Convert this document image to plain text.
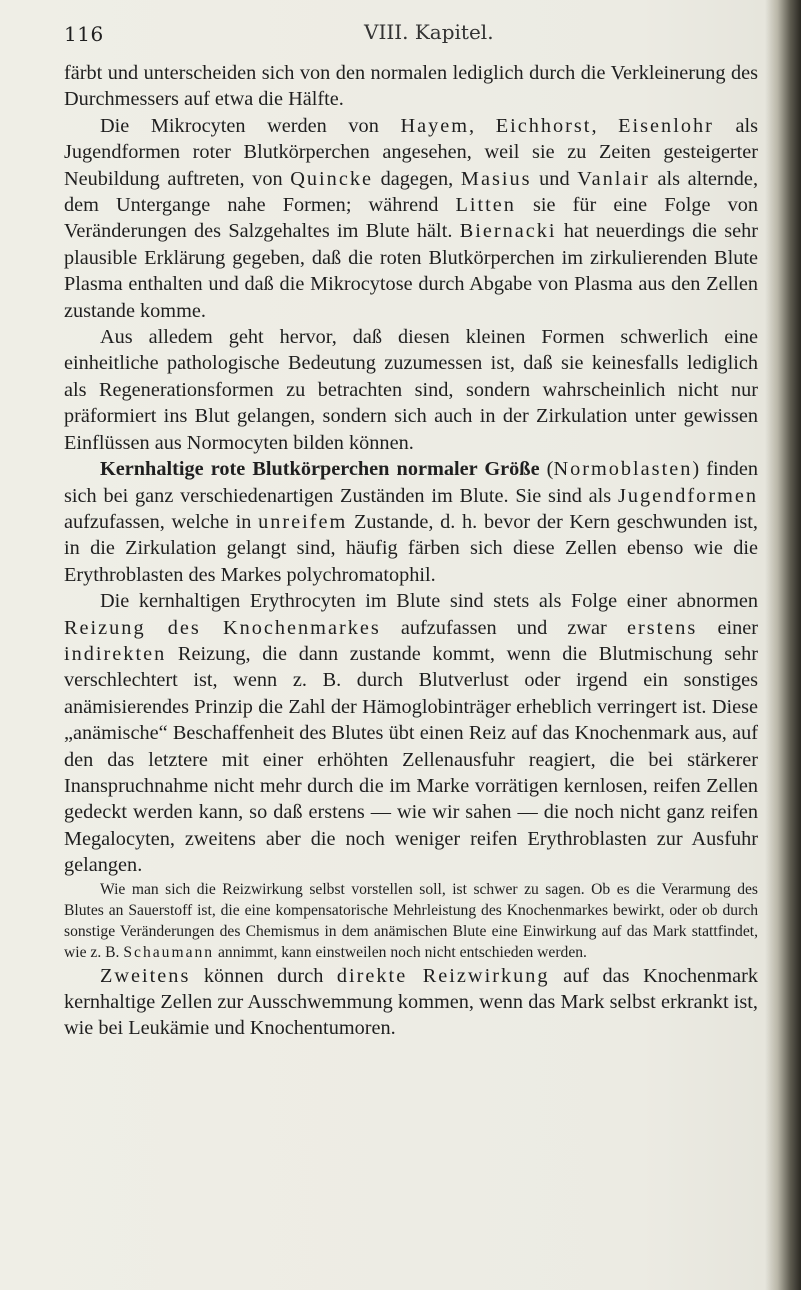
116	VIII. Kapitel.

färbt und unterscheiden sich von den normalen lediglich durch die Verkleinerung des Durchmessers auf etwa die Hälfte.

Die Mikrocyten werden von Hayem, Eichhorst, Eisenlohr als Jugendformen roter Blutkörperchen angesehen, weil sie zu Zeiten gesteigerter Neubildung auftreten, von Quincke dagegen, Masius und Vanlair als alternde, dem Untergange nahe Formen; während Litten sie für eine Folge von Veränderungen des Salzgehaltes im Blute hält. Biernacki hat neuerdings die sehr plausible Erklärung gegeben, daß die roten Blutkörperchen im zirkulierenden Blute Plasma enthalten und daß die Mikrocytose durch Abgabe von Plasma aus den Zellen zustande komme.

Aus alledem geht hervor, daß diesen kleinen Formen schwerlich eine einheitliche pathologische Bedeutung zuzumessen ist, daß sie keinesfalls lediglich als Regenerationsformen zu betrachten sind, sondern wahrscheinlich nicht nur präformiert ins Blut gelangen, sondern sich auch in der Zirkulation unter gewissen Einflüssen aus Normocyten bilden können.

Kernhaltige rote Blutkörperchen normaler Größe (Normoblasten) finden sich bei ganz verschiedenartigen Zuständen im Blute. Sie sind als Jugendformen aufzufassen, welche in unreifem Zustande, d. h. bevor der Kern geschwunden ist, in die Zirkulation gelangt sind, häufig färben sich diese Zellen ebenso wie die Erythroblasten des Markes polychromatophil.

Die kernhaltigen Erythrocyten im Blute sind stets als Folge einer abnormen Reizung des Knochenmarkes aufzufassen und zwar erstens einer indirekten Reizung, die dann zustande kommt, wenn die Blutmischung sehr verschlechtert ist, wenn z. B. durch Blutverlust oder irgend ein sonstiges anämisierendes Prinzip die Zahl der Hämoglobinträger erheblich verringert ist. Diese „anämische“ Beschaffenheit des Blutes übt einen Reiz auf das Knochenmark aus, auf den das letztere mit einer erhöhten Zellenausfuhr reagiert, die bei stärkerer Inanspruchnahme nicht mehr durch die im Marke vorrätigen kernlosen, reifen Zellen gedeckt werden kann, so daß erstens — wie wir sahen — die noch nicht ganz reifen Megalocyten, zweitens aber die noch weniger reifen Erythroblasten zur Ausfuhr gelangen.

Wie man sich die Reizwirkung selbst vorstellen soll, ist schwer zu sagen. Ob es die Verarmung des Blutes an Sauerstoff ist, die eine kompensatorische Mehrleistung des Knochenmarkes bewirkt, oder ob durch sonstige Veränderungen des Chemismus in dem anämischen Blute eine Einwirkung auf das Mark stattfindet, wie z. B. Schaumann annimmt, kann einstweilen noch nicht entschieden werden.

Zweitens können durch direkte Reizwirkung auf das Knochenmark kernhaltige Zellen zur Ausschwemmung kommen, wenn das Mark selbst erkrankt ist, wie bei Leukämie und Knochentumoren.
